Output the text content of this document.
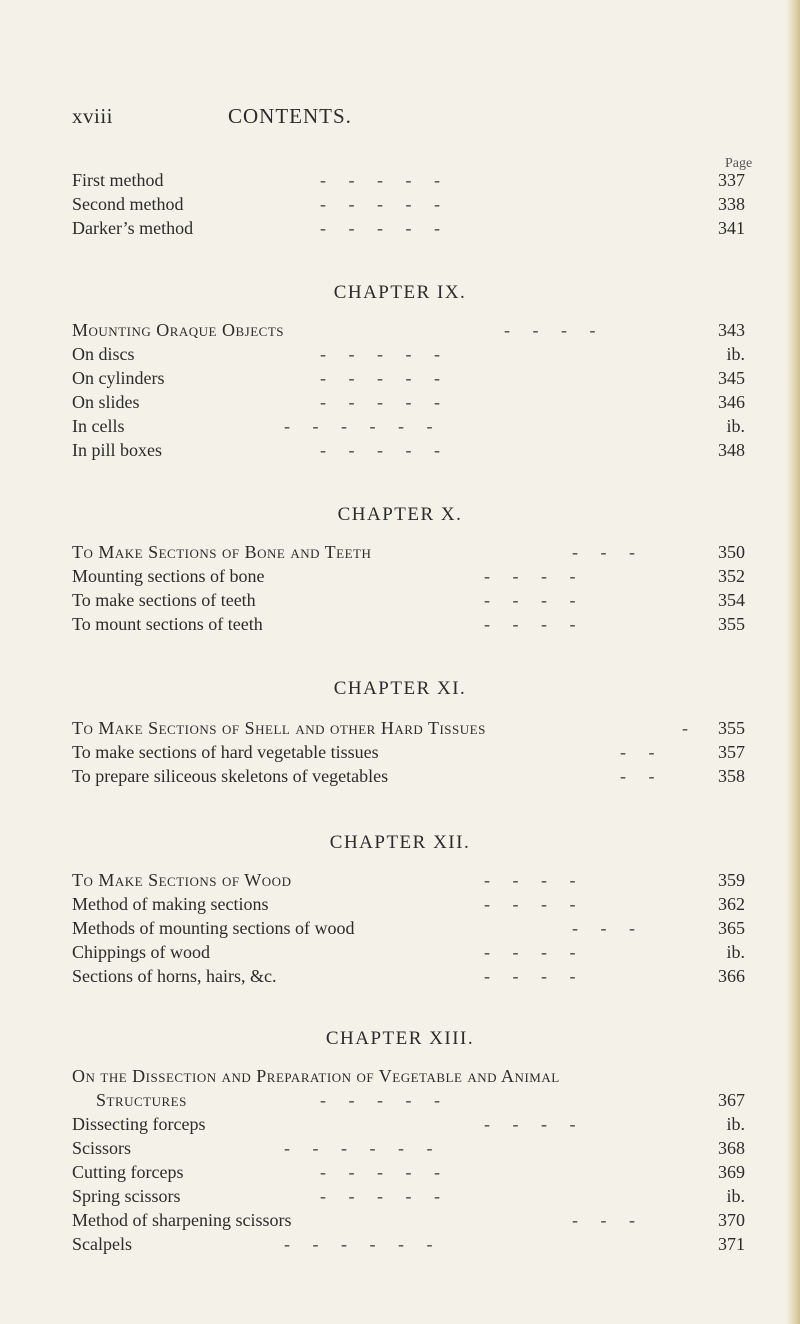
xviii	CONTENTS.
Page
First method	-     -     -     -     -	337
Second method	-     -     -     -     -	338
Darker’s method	-     -     -     -     -	341
CHAPTER IX.
Mounting Oraque Objects	-     -     -     -	343
On discs	-     -     -     -     -	ib.
On cylinders	-     -     -     -     -	345
On slides	-     -     -     -     -	346
In cells	-     -     -     -     -     -	ib.
In pill boxes	-     -     -     -     -	348
CHAPTER X.
To Make Sections of Bone and Teeth	-     -     -	350
Mounting sections of bone	-     -     -     -	352
To make sections of teeth	-     -     -     -	354
To mount sections of teeth	-     -     -     -	355
CHAPTER XI.
To Make Sections of Shell and other Hard Tissues	-	355
To make sections of hard vegetable tissues	-     -	357
To prepare siliceous skeletons of vegetables	-     -	358
CHAPTER XII.
To Make Sections of Wood	-     -     -     -	359
Method of making sections	-     -     -     -	362
Methods of mounting sections of wood	-     -     -	365
Chippings of wood	-     -     -     -	ib.
Sections of horns, hairs, &c.	-     -     -     -	366
CHAPTER XIII.
On the Dissection and Preparation of Vegetable and Animal
Structures	-     -     -     -     -	367
Dissecting forceps	-     -     -     -	ib.
Scissors	-     -     -     -     -     -	368
Cutting forceps	-     -     -     -     -	369
Spring scissors	-     -     -     -     -	ib.
Method of sharpening scissors	-     -     -	370
Scalpels	-     -     -     -     -     -	371
